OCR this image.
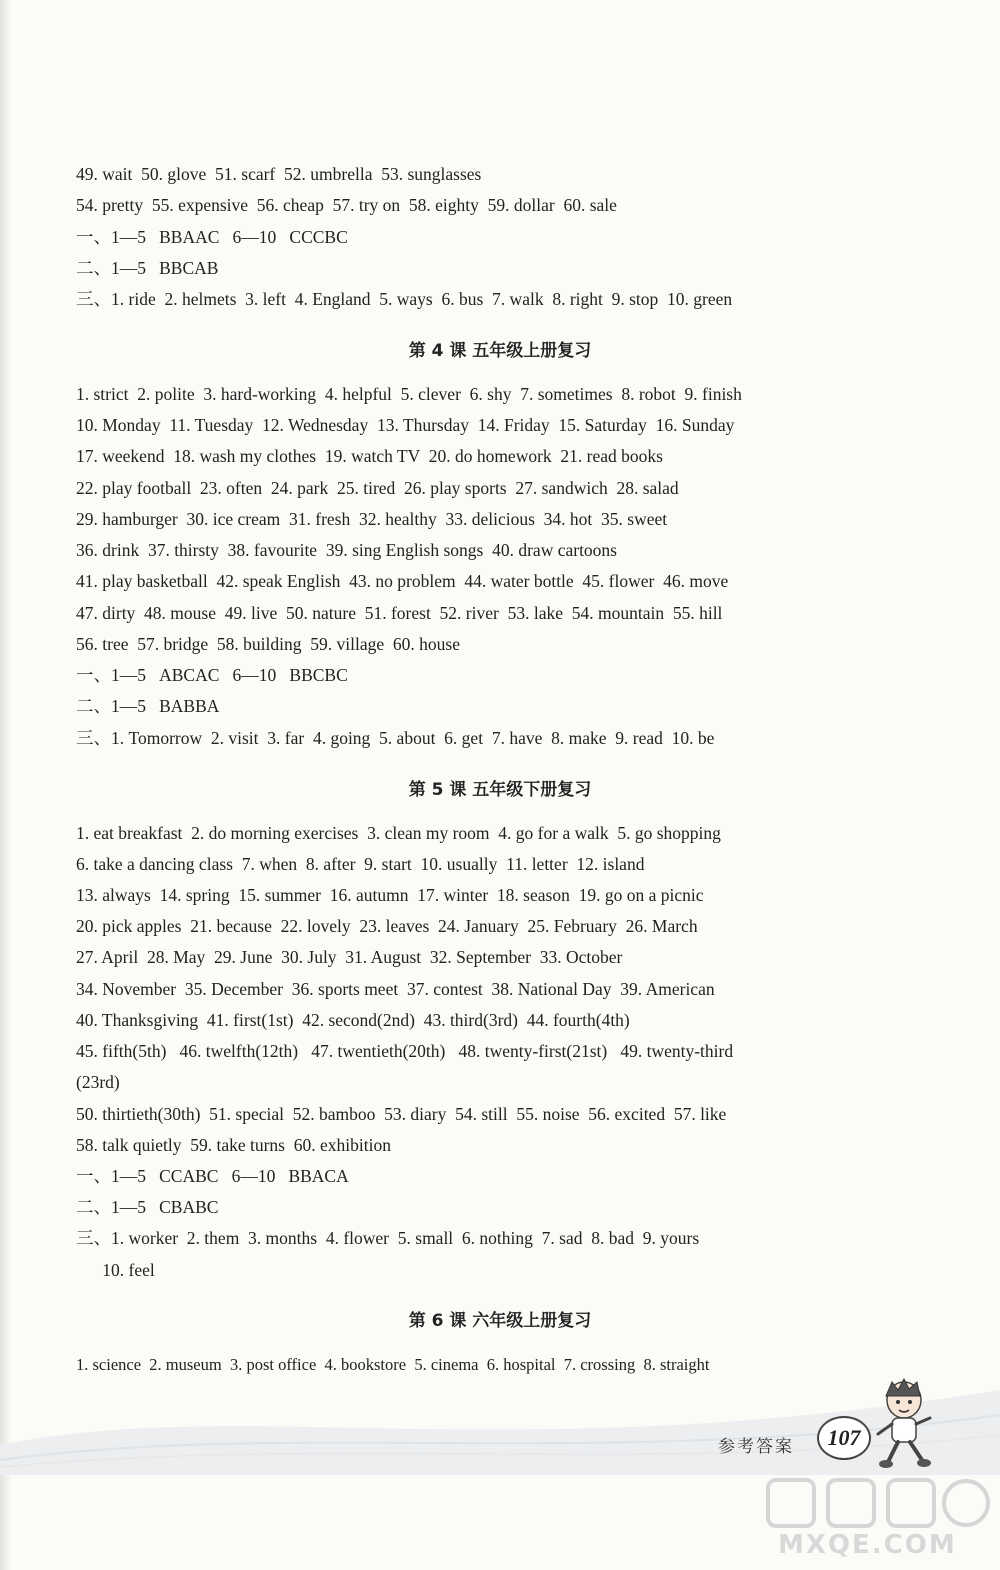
49. wait  50. glove  51. scarf  52. umbrella  53. sunglasses
54. pretty  55. expensive  56. cheap  57. try on  58. eighty  59. dollar  60. sale
一、1—5   BBAAC   6—10   CCCBC
二、1—5   BBCAB
三、1. ride  2. helmets  3. left  4. England  5. ways  6. bus  7. walk  8. right  9. stop  10. green
第 4 课 五年级上册复习
1. strict  2. polite  3. hard-working  4. helpful  5. clever  6. shy  7. sometimes  8. robot  9. finish
10. Monday  11. Tuesday  12. Wednesday  13. Thursday  14. Friday  15. Saturday  16. Sunday
17. weekend  18. wash my clothes  19. watch TV  20. do homework  21. read books
22. play football  23. often  24. park  25. tired  26. play sports  27. sandwich  28. salad
29. hamburger  30. ice cream  31. fresh  32. healthy  33. delicious  34. hot  35. sweet
36. drink  37. thirsty  38. favourite  39. sing English songs  40. draw cartoons
41. play basketball  42. speak English  43. no problem  44. water bottle  45. flower  46. move
47. dirty  48. mouse  49. live  50. nature  51. forest  52. river  53. lake  54. mountain  55. hill
56. tree  57. bridge  58. building  59. village  60. house
一、1—5   ABCAC   6—10   BBCBC
二、1—5   BABBA
三、1. Tomorrow  2. visit  3. far  4. going  5. about  6. get  7. have  8. make  9. read  10. be
第 5 课 五年级下册复习
1. eat breakfast  2. do morning exercises  3. clean my room  4. go for a walk  5. go shopping
6. take a dancing class  7. when  8. after  9. start  10. usually  11. letter  12. island
13. always  14. spring  15. summer  16. autumn  17. winter  18. season  19. go on a picnic
20. pick apples  21. because  22. lovely  23. leaves  24. January  25. February  26. March
27. April  28. May  29. June  30. July  31. August  32. September  33. October
34. November  35. December  36. sports meet  37. contest  38. National Day  39. American
40. Thanksgiving  41. first(1st)  42. second(2nd)  43. third(3rd)  44. fourth(4th)
45. fifth(5th)   46. twelfth(12th)   47. twentieth(20th)   48. twenty-first(21st)   49. twenty-third
(23rd)
50. thirtieth(30th)  51. special  52. bamboo  53. diary  54. still  55. noise  56. excited  57. like
58. talk quietly  59. take turns  60. exhibition
一、1—5   CCABC   6—10   BBACA
二、1—5   CBABC
三、1. worker  2. them  3. months  4. flower  5. small  6. nothing  7. sad  8. bad  9. yours
10. feel
第 6 课 六年级上册复习
1. science  2. museum  3. post office  4. bookstore  5. cinema  6. hospital  7. crossing  8. straight
参考答案	107
MXQE.COM
